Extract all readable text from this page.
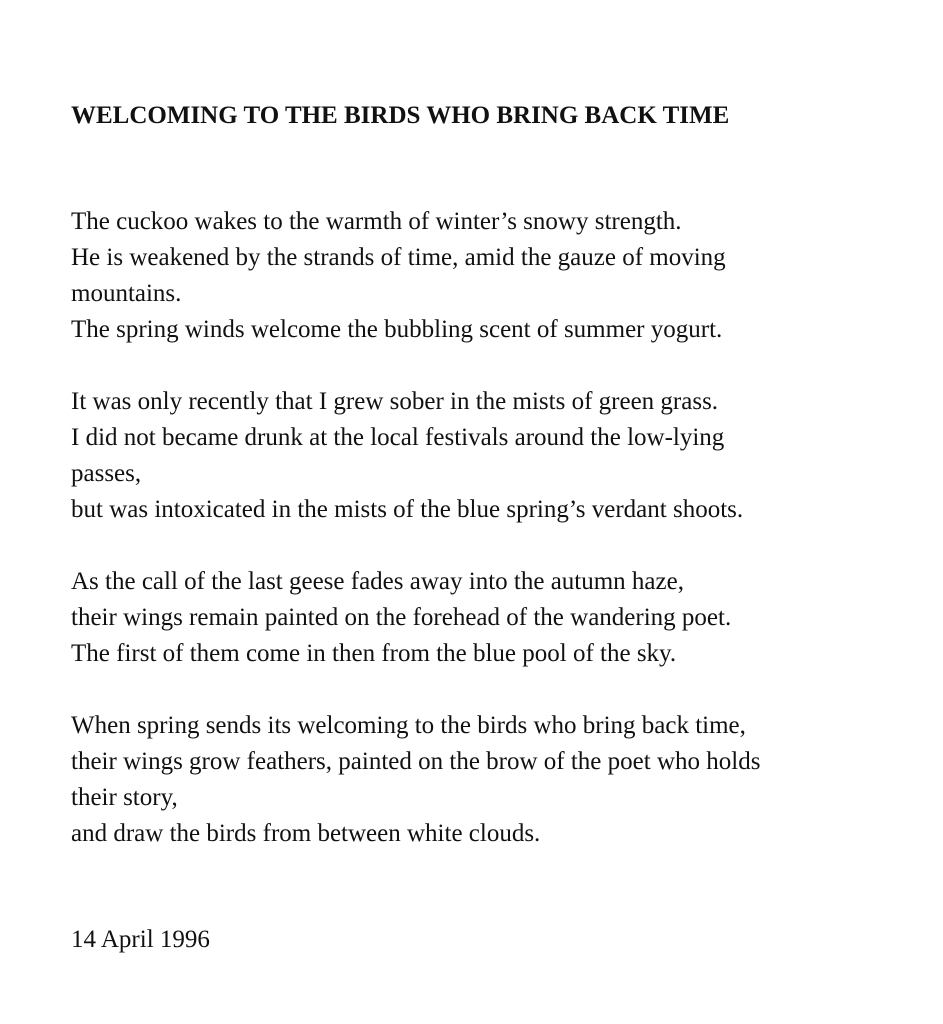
WELCOMING TO THE BIRDS WHO BRING BACK TIME
The cuckoo wakes to the warmth of winter’s snowy strength.
He is weakened by the strands of time, amid the gauze of moving
mountains.
The spring winds welcome the bubbling scent of summer yogurt.
It was only recently that I grew sober in the mists of green grass.
I did not became drunk at the local festivals around the low-lying
passes,
but was intoxicated in the mists of the blue spring’s verdant shoots.
As the call of the last geese fades away into the autumn haze,
their wings remain painted on the forehead of the wandering poet.
The first of them come in then from the blue pool of the sky.
When spring sends its welcoming to the birds who bring back time,
their wings grow feathers, painted on the brow of the poet who holds
their story,
and draw the birds from between white clouds.
14 April 1996
